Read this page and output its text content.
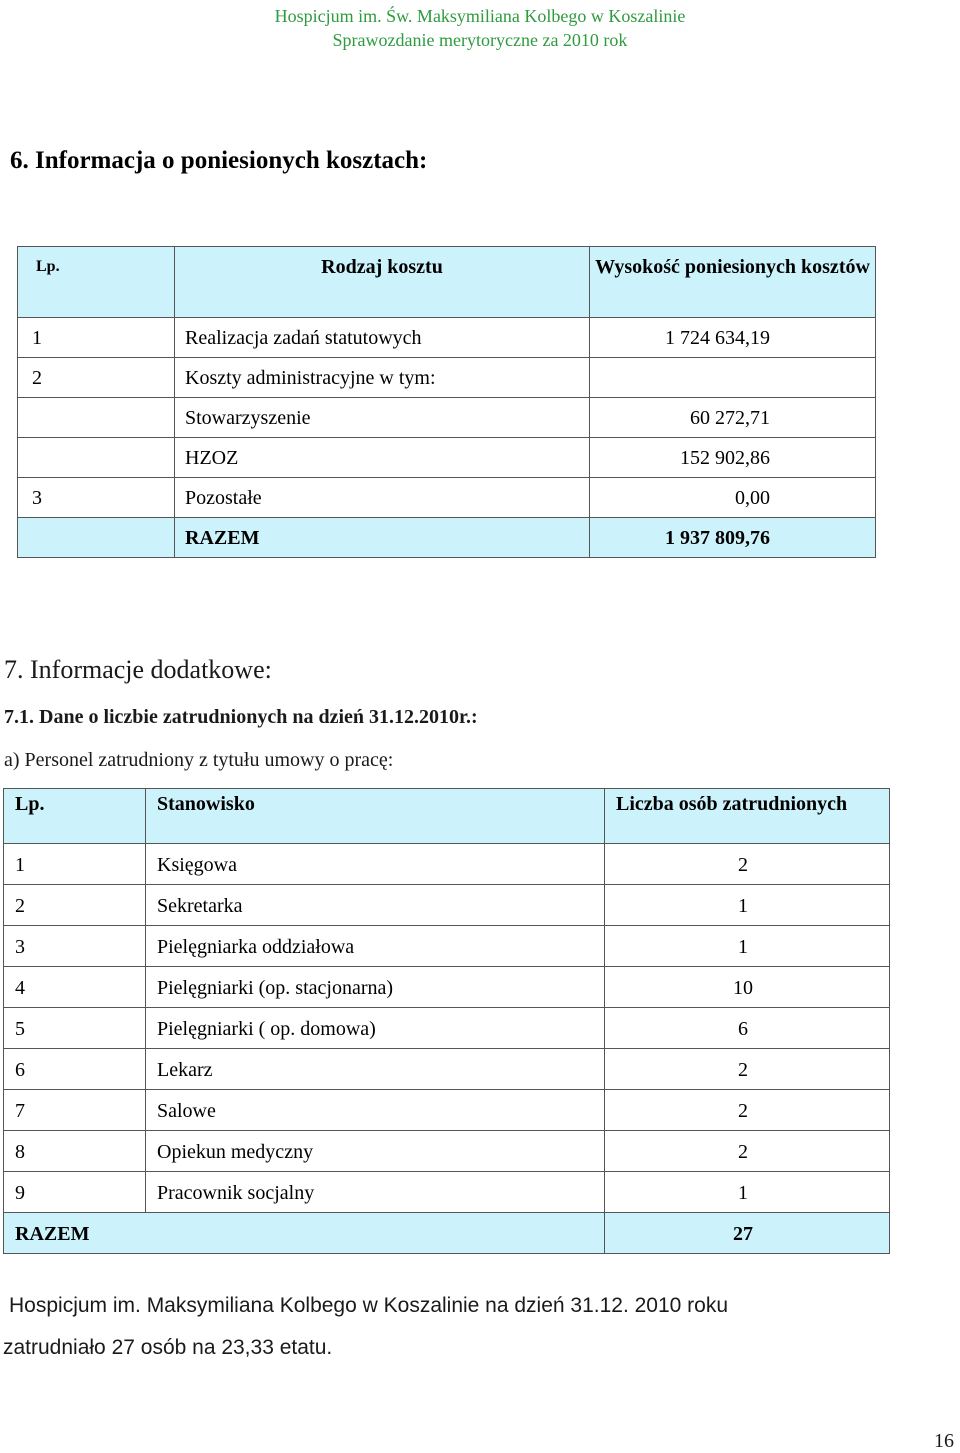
Hospicjum im. Św. Maksymiliana Kolbego w Koszalinie
Sprawozdanie merytoryczne za 2010 rok
6. Informacja o poniesionych kosztach:
Lp.	Rodzaj kosztu	Wysokość poniesionych kosztów
1	Realizacja zadań statutowych	1 724 634,19
2	Koszty administracyjne w tym:	
	Stowarzyszenie	60 272,71
	HZOZ	152 902,86
3	Pozostałe	0,00
	RAZEM	1 937 809,76
7. Informacje dodatkowe:
7.1. Dane o liczbie zatrudnionych na dzień 31.12.2010r.:
a) Personel zatrudniony z tytułu umowy o pracę:
Lp.	Stanowisko	Liczba osób zatrudnionych
1	Księgowa	2
2	Sekretarka	1
3	Pielęgniarka oddziałowa	1
4	Pielęgniarki (op. stacjonarna)	10
5	Pielęgniarki ( op. domowa)	6
6	Lekarz	2
7	Salowe	2
8	Opiekun medyczny	2
9	Pracownik socjalny	1
RAZEM		27
Hospicjum im. Maksymiliana Kolbego w Koszalinie na dzień 31.12. 2010 roku
zatrudniało 27 osób na 23,33 etatu.
16
